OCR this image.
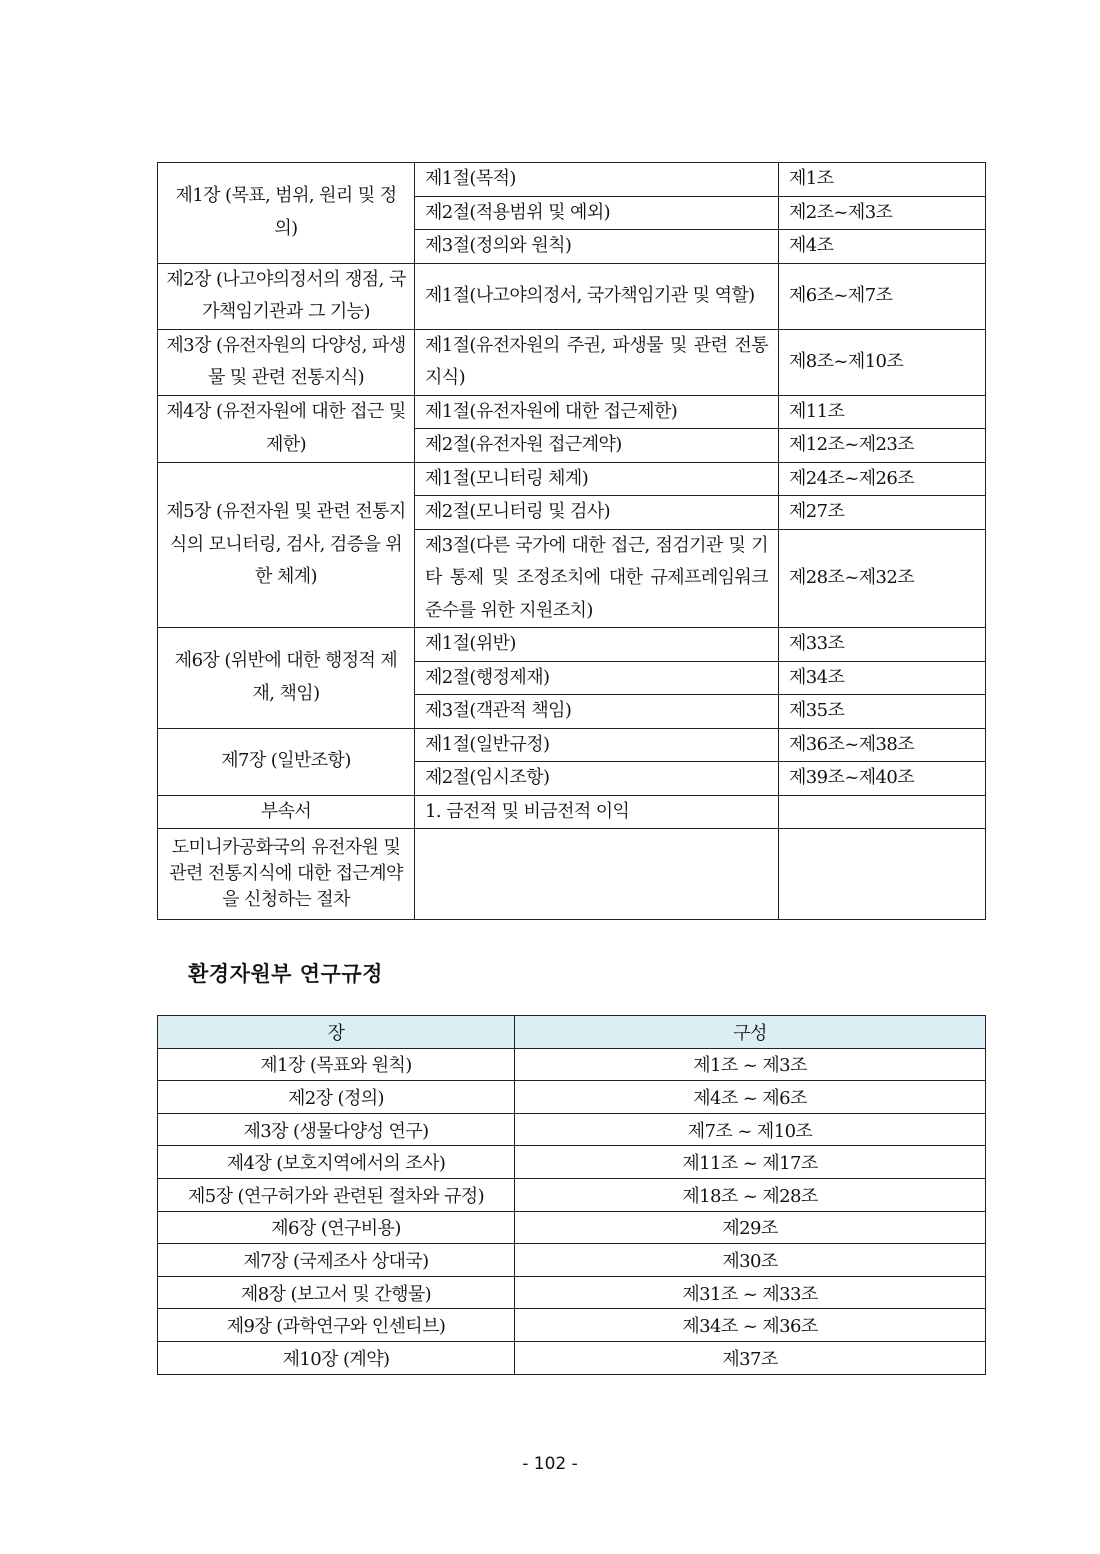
제1장 (목표, 범위, 원리 및 정의)	제1절(목적)	제1조
	제2절(적용범위 및 예외)	제2조~제3조
	제3절(정의와 원칙)	제4조
제2장 (나고야의정서의 쟁점, 국가책임기관과 그 기능)	제1절(나고야의정서, 국가책임기관 및 역할)	제6조~제7조
제3장 (유전자원의 다양성, 파생물 및 관련 전통지식)	제1절(유전자원의 주권, 파생물 및 관련 전통지식)	제8조~제10조
제4장 (유전자원에 대한 접근 및 제한)	제1절(유전자원에 대한 접근제한)	제11조
	제2절(유전자원 접근계약)	제12조~제23조
제5장 (유전자원 및 관련 전통지식의 모니터링, 검사, 검증을 위한 체계)	제1절(모니터링 체계)	제24조~제26조
	제2절(모니터링 및 검사)	제27조
	제3절(다른 국가에 대한 접근, 점검기관 및 기타 통제 및 조정조치에 대한 규제프레임워크 준수를 위한 지원조치)	제28조~제32조
제6장 (위반에 대한 행정적 제재, 책임)	제1절(위반)	제33조
	제2절(행정제재)	제34조
	제3절(객관적 책임)	제35조
제7장 (일반조항)	제1절(일반규정)	제36조~제38조
	제2절(임시조항)	제39조~제40조
부속서	1. 금전적 및 비금전적 이익	
도미니카공화국의 유전자원 및 관련 전통지식에 대한 접근계약을 신청하는 절차		
환경자원부 연구규정
장	구성
제1장 (목표와 원칙)	제1조 ~ 제3조
제2장 (정의)	제4조 ~ 제6조
제3장 (생물다양성 연구)	제7조 ~ 제10조
제4장 (보호지역에서의 조사)	제11조 ~ 제17조
제5장 (연구허가와 관련된 절차와 규정)	제18조 ~ 제28조
제6장 (연구비용)	제29조
제7장 (국제조사 상대국)	제30조
제8장 (보고서 및 간행물)	제31조 ~ 제33조
제9장 (과학연구와 인센티브)	제34조 ~ 제36조
제10장 (계약)	제37조
- 102 -
